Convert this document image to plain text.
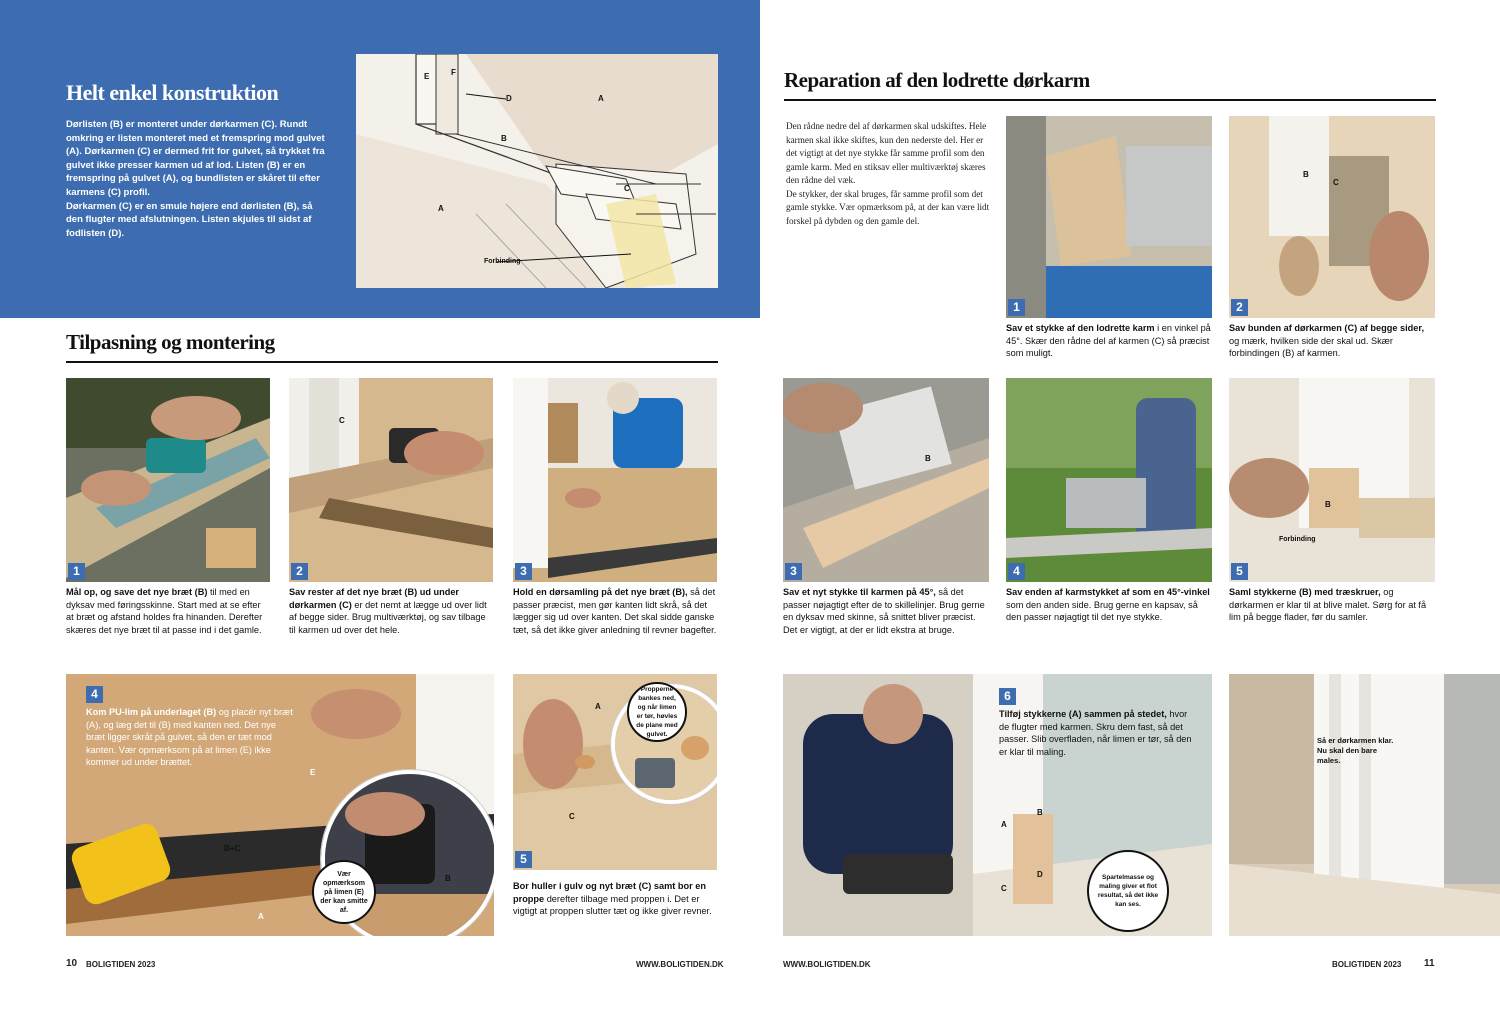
Helt enkel konstruktion
Dørlisten (B) er monteret under dørkarmen (C). Rundt omkring er listen monteret med et fremspring mod gulvet (A). Dørkarmen (C) er dermed frit for gulvet, så trykket fra gulvet ikke presser karmen ud af lod. Listen (B) er en fremspring på gulvet (A), og bundlisten er skåret til efter karmens (C) profil.
Dørkarmen (C) er en smule højere end dørlisten (B), så den flugter med afslutningen. Listen skjules til sidst af fodlisten (D).
E	F
D	A
B
C
A
Forbinding
Tilpasning og montering
1
Mål op, og save det nye bræt (B) til med en dyksav med føringsskinne. Start med at se efter at bræt og afstand holdes fra hinanden. Derefter skæres det nye bræt til at passe ind i det gamle.
C
2
Sav rester af det nye bræt (B) ud under dørkarmen (C) er det nemt at lægge ud over lidt af begge sider. Brug multiværktøj, og sav tilbage til karmen ud over det hele.
3
Hold en dørsamling på det nye bræt (B), så det passer præcist, men gør kanten lidt skrå, så det lægger sig ud over kanten. Det skal sidde ganske tæt, så det ikke giver anledning til revner bagefter.
4
Kom PU-lim på underlaget (B) og placér nyt bræt (A), og læg det til (B) med kanten ned. Det nye bræt ligger skråt på gulvet, så den er tæt mod kanten. Vær opmærksom på at limen (E) ikke kommer ud under brættet.
E
B+C
A
B
Vær opmærksom på limen (E) der kan smitte af.
A
C
Propperne bankes ned, og når limen er tør, høvles de plane med gulvet.
5
Bor huller i gulv og nyt bræt (C) samt bor en proppe derefter tilbage med proppen i. Det er vigtigt at proppen slutter tæt og ikke giver revner.
10 BOLIGTIDEN 2023	WWW.BOLIGTIDEN.DK
Reparation af den lodrette dørkarm
Den rådne nedre del af dørkarmen skal udskiftes. Hele karmen skal ikke skiftes, kun den nederste del. Her er det vigtigt at det nye stykke får samme profil som den gamle karm. Med en stiksav eller multiværktøj skæres den rådne del væk.
De stykker, der skal bruges, får samme profil som det gamle stykke. Vær opmærksom på, at der kan være lidt forskel på dybden og den gamle del.
1
Sav et stykke af den lodrette karm i en vinkel på 45°. Skær den rådne del af karmen (C) så præcist som muligt.
B
C
2
Sav bunden af dørkarmen (C) af begge sider, og mærk, hvilken side der skal ud. Skær forbindingen (B) af karmen.
B
3
Sav et nyt stykke til karmen på 45°, så det passer nøjagtigt efter de to skillelinjer. Brug gerne en dyksav med skinne, så snittet bliver præcist. Det er vigtigt, at der er lidt ekstra at bruge.
4
Sav enden af karmstykket af som en 45°-vinkel som den anden side. Brug gerne en kapsav, så den passer nøjagtigt til det nye stykke.
B
Forbinding
5
Saml stykkerne (B) med træskruer, og dørkarmen er klar til at blive malet. Sørg for at få lim på begge flader, før du samler.
6
Tilføj stykkerne (A) sammen på stedet, hvor de flugter med karmen. Skru dem fast, så det passer. Slib overfladen, når limen er tør, så den er klar til maling.
A
B
C
D	Spartelmasse og maling giver et flot resultat, så det ikke kan ses.
Så er dørkarmen klar. Nu skal den bare males.
WWW.BOLIGTIDEN.DK	BOLIGTIDEN 2023 11
